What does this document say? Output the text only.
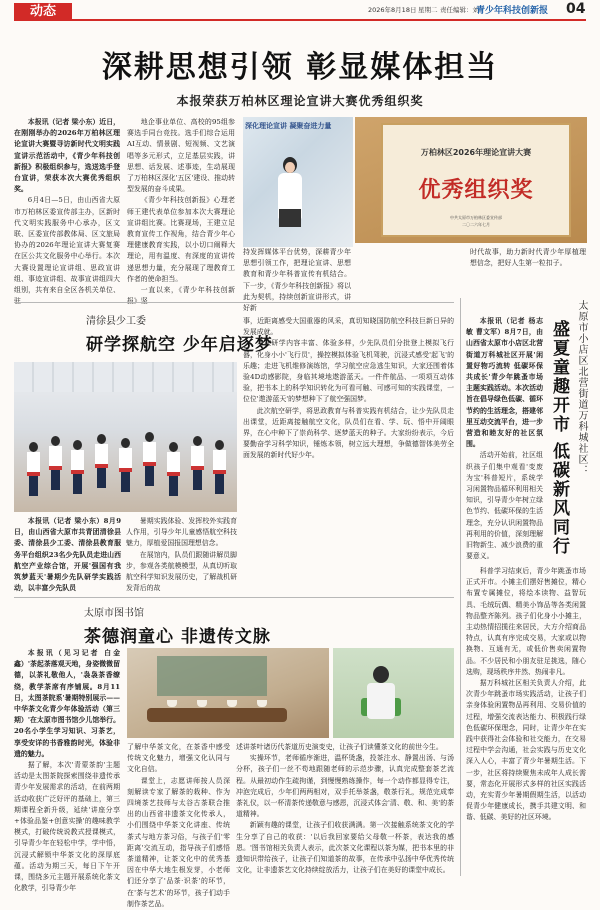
动态	2026年8月18日 星期二 责任编辑：刘
青少年科技创新报 04
深耕思想引领 彰显媒体担当
本报荣获万柏林区理论宣讲大赛优秀组织奖

本报讯（记者 梁小东）近日，在刚刚举办的2026年万柏林区理论宣讲大赛暨寻访新时代文明实践宣讲示范活动中，《青少年科技创新报》积极组织参与，选送选手登台宣讲，荣获本次大赛优秀组织奖。

6月4日—5日，由山西省大原市万柏林区委宣传部主办，区新时代文明实践服务中心承办，区文联、区委宣传部教体局、区文旅局协办的2026年理论宣讲大赛复赛在区公共文化服务中心举行。本次大赛设置理论宣讲组、思政宣讲组、事迹宣讲组、故事宣讲组四大组别，共有来自全区各机关单位、

地企事业单位、高校的95组参赛选手同台竞技。选手们综合运用AI互动、情景剧、短视频、文艺演唱等多元形式，立足基层实践，讲思想、话发展、述事迹，生动展现了万柏林区深化'五区'建设、推动转型发展的奋斗成果。

《青少年科技创新报》心理老师王建代表单位参加本次大赛理论宣讲组比赛。比赛现场，王建立足教育宣传工作视角，结合青少年心理健康教育实践，以小切口阐释大理论，用有温度、有深度的宣讲传递思想力量，充分展现了理教育工作者的使命担当。

一直以来，《青少年科技创新

深化理论宣讲 凝聚奋进力量

持发挥媒体平台优势，深耕青少年思想引领工作，把理论宣讲、思想教育和青少年科普宣传有机结合。下一步，《青少年科技创新报》将以此为契机，持续创新宣讲形式，讲好新

万柏林区2026年理论宣讲大赛
优秀组织奖
中共太原市万柏林区委宣传部
二〇二六年七月

时代故事，助力新时代青少年厚植理想信念，把好人生第一粒扣子。

清徐县少工委
研学探航空 少年启逐梦

本报讯（记者 梁小东）8月9日，由山西省大原市共青团清徐县委、清徐县少工委、清徐县教育服务平台组织23名少先队员走进山西航空产业综合馆，开展'强国有我 筑梦蓝天'暑期少先队研学实践活动，以丰富少先队员

暑期实践体验、发挥校外实践育人作用，引导少年儿童感悟航空科技魅力，厚植爱国报国理想信念。

在展馆内，队员们跟随讲解员脚步，参观各类航模模型，从真切听取航空科学知识发展历史，了解战机研发背后的故

事，近距离感受大国重器的风采，真切知晓国防航空科技巨新日异的发展成就。

本次研学内容丰富、体验多样，少先队员们分批登上模拟飞行器，化身小小'飞行员'，操控模拟体验飞机驾驶，沉浸式感受'起飞'的乐趣；走进飞机维修演练馆，学习航空应急逃生知识，大家还围着体验4D动感影院，身临其境地遨游蓝天。一件件航品、一项项互动体验，把书本上的科学知识转化为可看可触、可感可知的实践课堂，一位位'遨游蓝天'的梦想种下了航空强国梦。

此次航空研学，将思政教育与科普实践有机结合，让少先队员走出课堂，近距离接触航空文化，队员们在看、学、玩、悟中开阔眼界，在心中种下了崇尚科学、逐梦蓝天的种子。大家纷纷表示，今后要勤奋学习科学知识，锤炼本领，树立远大理想，争做德智体美劳全面发展的新时代好少年。

太原市图书馆
茶德润童心 非遗传文脉

本报讯（见习记者 白金鑫）'茶起茶落观天地，身姿微微留德，以茶礼敬他人，'袅袅茶香缭绕，教学茶席有序铺展。8月11日，太图茶院系'暑期特别展示——中华茶文化青少年体验活动（第三期）'在太原市图书馆少儿馆举行。20名小学生学习知识、习茶艺，享受安详的书香雅韵时光，体验非遗的魅力。

据了解，本次'青蒙茶韵'主题活动是太图茶院探索围绕非遗传承青少年发展需求的活动，在前两期活动收获广泛好评的基础上，第三期课程全新升级，延续'讲座分享+体验品鉴+创意实操'的趣味教学模式，打破传统说教式授课模式，引导青少年在轻松中学，学中悟，沉浸式解锁中华茶文化的深厚底蕴。活动为期三天，每日下午开课，围绕多元主题开展系统化茶文化教学，引导青少年

了解中华茶文化，在茶香中感受传统文化魅力，增强文化认同与文化自信。

课堂上，志愿讲师按人员深刻解读专家了解茶的栽种、作为四境茶艺技师与太谷古茶联合推出的山西省非遗茶文化传承人，小们围绕中华茶文化讲座、传统茶式与地方茶习俗，与孩子们'零距离'交流互动，指导孩子们感悟茶道精神，让茶文化中的优秀基因在中华大地生根发芽，小老师们还分享了'品茶·识茶'的环节，在'茶与艺术'的环节，孩子们动手制作茶艺品。

述讲茶叶诸历代茶道历史演变史，让孩子们读懂茶文化的前世今生。

实操环节，老师循序渐进，温杯烫盏，投茶注水、静置出汤、与汤分杯，孩子们一丝不苟地跟随老师的示范步骤，认真完成整套茶艺流程。从最初动作生疏拘谨，到慢慢熟练操作，每一个动作都显得专注，冲泡完成后，少年们两两相对，双手托举茶盏，敬茶行礼，规范完成奉茶礼仪，以一杯清茶传递敬意与感恩，沉浸式体会'清、敬、和、美'的茶道精神。

新颖有趣的课堂，让孩子们收获满满。第一次接触系统茶文化的学生分享了自己的收获：'以后我回家要给父母敬一杯茶，表达我的感恩。'图书馆相关负责人表示，此次茶文化课程以茶为媒，把书本里的非遗知识带给孩子，让孩子们知道茶的故事，在传承中弘扬中华优秀传统文化，让非遗茶艺文化持续绽放活力，让孩子们在美好的课堂中成长。

太原市小店区北营街道万科城社区：
盛夏童趣开市 低碳新风同行

本报讯（记者 杨志敏 曹文军）8月7日，由山西省太原市小店区北营街道万科城社区开展'闲置好物巧流转 低碳环保共成长'青少年跳蚤市场主题实践活动。本次活动旨在倡导绿色低碳、循环节约的生活理念，搭建邻里互动交流平台，进一步营造和睦友好的社区氛围。

活动开始前，社区组织孩子们集中观看'变废为宝'科普短片，系统学习闲置物品循环利用相关知识，引导青少年树立绿色节约、低碳环保的生活理念，充分认识闲置物品再利用的价值，深刻理解旧物新生、减少浪费的重要意义。

科普学习结束后，青少年跳蚤市场正式开市。小摊主们摆好售摊位，精心布置专属摊位，将绘本读物、益智玩具、毛绒玩偶、精美小饰品等各类闲置物品整齐陈列。孩子们化身小小摊主，主动热情招揽往来居民，大方介绍商品特点，认真有序完成交易，大家或以物换物、互通有无，或低价售卖闲置物品。不少居民和小朋友驻足挑选，随心选购，现场秩序井然、热闹非凡。

据万科城社区相关负责人介绍，此次青少年跳蚤市场实践活动，让孩子们亲身体验闲置物品再利用、交易价值的过程，增强交流表达能力、积极践行绿色低碳环保理念，同时，让青少年在实践中获得社会体验和社交能力，在交易过程中学会沟通，社会实践与历史文化深入人心，丰富了青少年暑期生活。下一步，社区将持续聚焦未成年人成长需要，常态化开展形式多样的社区实践活动，充实青少年暑期假期生活，以活动促青少年健康成长，携手共建文明、和谐、低碳、美好的社区环境。
